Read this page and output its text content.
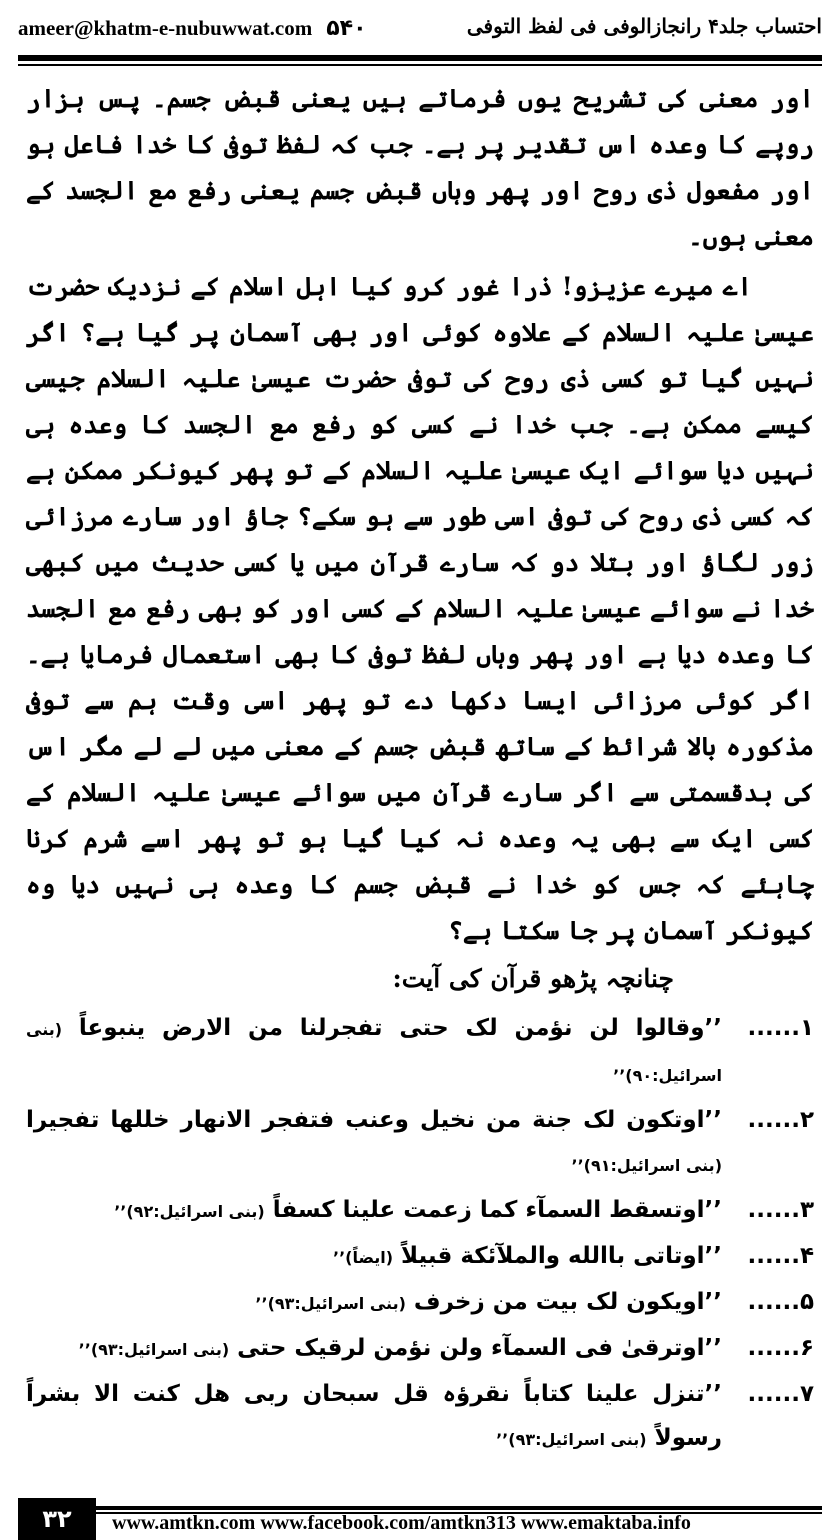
ameer@khatm-e-nubuwwat.com ۵۴۰	احتساب جلد۴ رانجازالوفی فی لفظ التوفی

اور معنی کی تشریح یوں فرماتے ہیں یعنی قبض جسم۔ پس ہزار روپے کا وعدہ اس تقدیر پر ہے۔ جب کہ لفظ توفی کا خدا فاعل ہو اور مفعول ذی روح اور پھر وہاں قبض جسم یعنی رفع مع الجسد کے معنی ہوں۔

اے میرے عزیزو! ذرا غور کرو کیا اہل اسلام کے نزدیک حضرت عیسیٰ علیہ السلام کے علاوہ کوئی اور بھی آسمان پر گیا ہے؟ اگر نہیں گیا تو کسی ذی روح کی توفی حضرت عیسیٰ علیہ السلام جیسی کیسے ممکن ہے۔ جب خدا نے کسی کو رفع مع الجسد کا وعدہ ہی نہیں دیا سوائے ایک عیسیٰ علیہ السلام کے تو پھر کیونکر ممکن ہے کہ کسی ذی روح کی توفی اسی طور سے ہو سکے؟ جاؤ اور سارے مرزائی زور لگاؤ اور بتلا دو کہ سارے قرآن میں یا کسی حدیث میں کبھی خدا نے سوائے عیسیٰ علیہ السلام کے کسی اور کو بھی رفع مع الجسد کا وعدہ دیا ہے اور پھر وہاں لفظ توفی کا بھی استعمال فرمایا ہے۔ اگر کوئی مرزائی ایسا دکھا دے تو پھر اسی وقت ہم سے توفی مذکورہ بالا شرائط کے ساتھ قبض جسم کے معنی میں لے لے مگر اس کی بدقسمتی سے اگر سارے قرآن میں سوائے عیسیٰ علیہ السلام کے کسی ایک سے بھی یہ وعدہ نہ کیا گیا ہو تو پھر اسے شرم کرنا چاہئے کہ جس کو خدا نے قبض جسم کا وعدہ ہی نہیں دیا وہ کیونکر آسمان پر جا سکتا ہے؟

چنانچہ پڑھو قرآن کی آیت:

۱......
’’وقالوا لن نؤمن لک حتی تفجرلنا من الارض ینبوعاً (بنی اسرائیل:۹۰)’’
۲......
’’اوتکون لک جنة من نخیل وعنب فتفجر الانھار خللھا تفجیرا (بنی اسرائیل:۹۱)’’
۳......
’’اوتسقط السمآء کما زعمت علینا کسفاً (بنی اسرائیل:۹۲)’’
۴......
’’اوتاتی باالله والملآئکة قبیلاً (ایضاً)’’
۵......
’’اویکون لک بیت من زخرف (بنی اسرائیل:۹۳)’’
۶......
’’اوترقیٰ فی السمآء ولن نؤمن لرقیک حتی (بنی اسرائیل:۹۳)’’
۷......
’’تنزل علینا کتاباً نقرؤہ قل سبحان ربی ھل کنت الا بشراً رسولاً (بنی اسرائیل:۹۳)’’
۳۲	www.amtkn.com www.facebook.com/amtkn313 www.emaktaba.info
